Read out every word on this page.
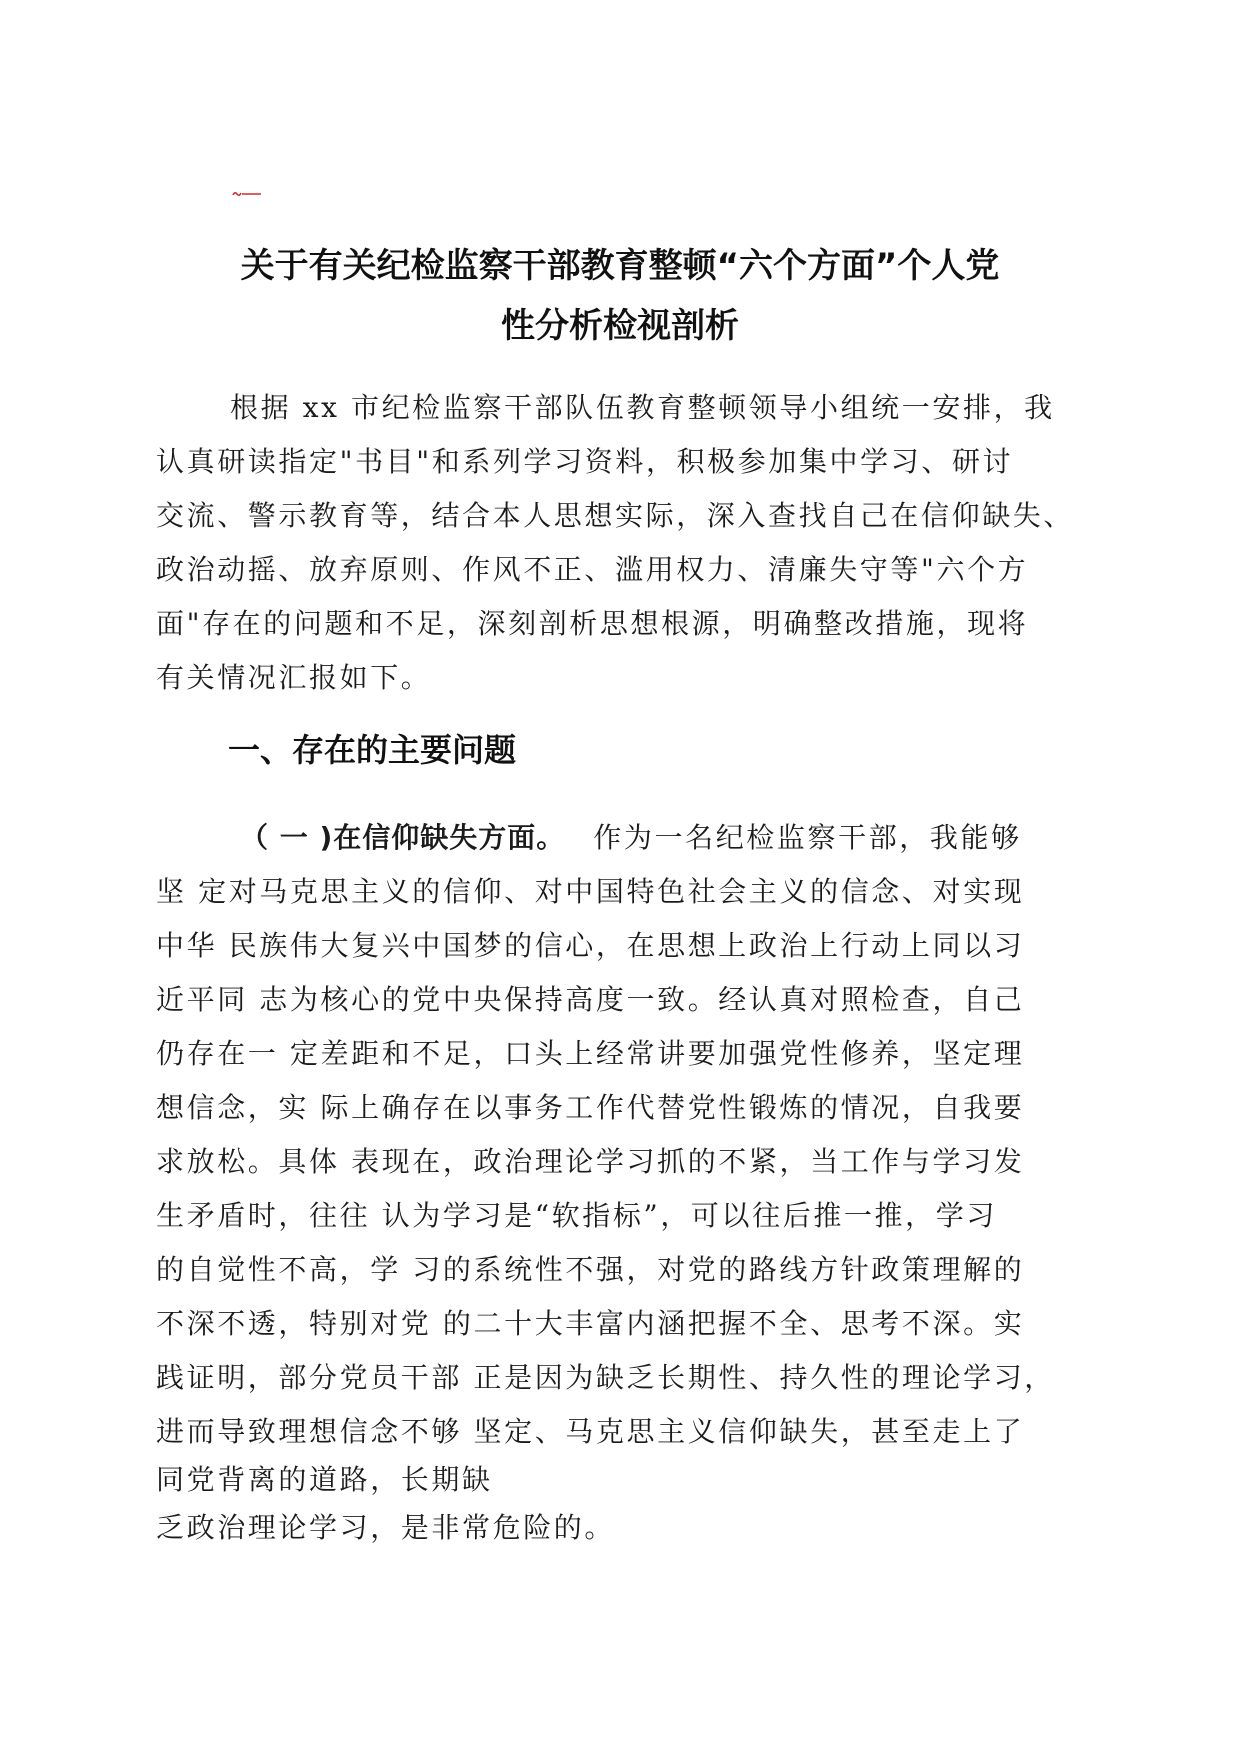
关于有关纪检监察干部教育整顿“六个方面”个人党
性分析检视剖析

根据 xx 市纪检监察干部队伍教育整顿领导小组统一安排，我

认真研读指定"书目"和系列学习资料，积极参加集中学习、研讨

交流、警示教育等，结合本人思想实际，深入查找自己在信仰缺失、

政治动摇、放弃原则、作风不正、滥用权力、清廉失守等"六个方

面"存在的问题和不足，深刻剖析思想根源，明确整改措施，现将

有关情况汇报如下。

一、存在的主要问题

（ 一 )在信仰缺失方面。 作为一名纪检监察干部，我能够

坚 定对马克思主义的信仰、对中国特色社会主义的信念、对实现

中华 民族伟大复兴中国梦的信心，在思想上政治上行动上同以习

近平同 志为核心的党中央保持高度一致。经认真对照检查，自己

仍存在一 定差距和不足，口头上经常讲要加强党性修养，坚定理

想信念，实 际上确存在以事务工作代替党性锻炼的情况，自我要

求放松。具体 表现在，政治理论学习抓的不紧，当工作与学习发

生矛盾时，往往 认为学习是“软指标”，可以往后推一推，学习

的自觉性不高，学 习的系统性不强，对党的路线方针政策理解的

不深不透，特别对党 的二十大丰富内涵把握不全、思考不深。实

践证明，部分党员干部 正是因为缺乏长期性、持久性的理论学习，

进而导致理想信念不够 坚定、马克思主义信仰缺失，甚至走上了

同党背离的道路，长期缺

乏政治理论学习，是非常危险的。
